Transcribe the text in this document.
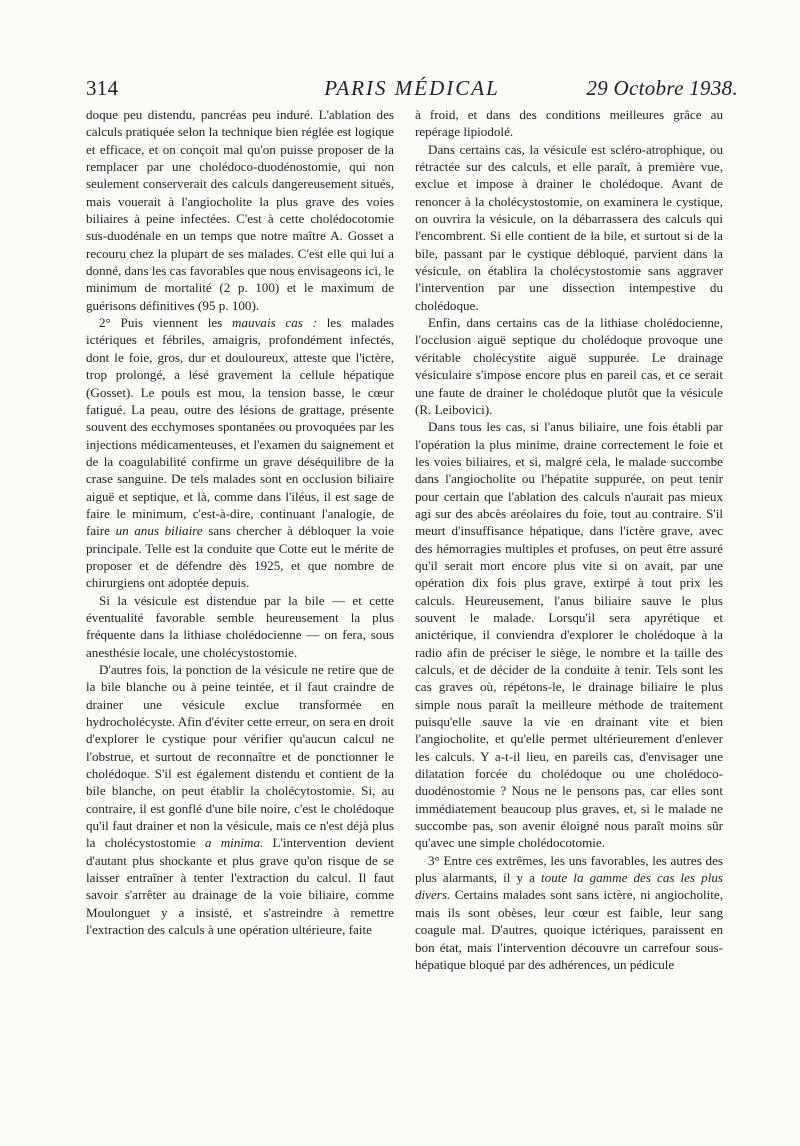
314	PARIS MÉDICAL	29 Octobre 1938.

doque peu distendu, pancréas peu induré. L'ablation des calculs pratiquée selon la technique bien réglée est logique et efficace, et on conçoit mal qu'on puisse proposer de la remplacer par une cholédoco-duodénostomie, qui non seulement conserverait des calculs dangereusement situés, mais vouerait à l'angiocholite la plus grave des voies biliaires à peine infectées. C'est à cette cholédocotomie sus-duodénale en un temps que notre maître A. Gosset a recouru chez la plupart de ses malades. C'est elle qui lui a donné, dans les cas favorables que nous envisageons ici, le minimum de mortalité (2 p. 100) et le maximum de guérisons définitives (95 p. 100).

2° Puis viennent les mauvais cas : les malades ictériques et fébriles, amaigris, profondément infectés, dont le foie, gros, dur et douloureux, atteste que l'ictère, trop prolongé, a lésé gravement la cellule hépatique (Gosset). Le pouls est mou, la tension basse, le cœur fatigué. La peau, outre des lésions de grattage, présente souvent des ecchymoses spontanées ou provoquées par les injections médicamenteuses, et l'examen du saignement et de la coagulabilité confirme un grave déséquilibre de la crase sanguine. De tels malades sont en occlusion biliaire aiguë et septique, et là, comme dans l'iléus, il est sage de faire le minimum, c'est-à-dire, continuant l'analogie, de faire un anus biliaire sans chercher à débloquer la voie principale. Telle est la conduite que Cotte eut le mérite de proposer et de défendre dès 1925, et que nombre de chirurgiens ont adoptée depuis.

Si la vésicule est distendue par la bile — et cette éventualité favorable semble heureusement la plus fréquente dans la lithiase cholédocienne — on fera, sous anesthésie locale, une cholécystostomie.

D'autres fois, la ponction de la vésicule ne retire que de la bile blanche ou à peine teintée, et il faut craindre de drainer une vésicule exclue transformée en hydrocholécyste. Afin d'éviter cette erreur, on sera en droit d'explorer le cystique pour vérifier qu'aucun calcul ne l'obstrue, et surtout de reconnaître et de ponctionner le cholédoque. S'il est également distendu et contient de la bile blanche, on peut établir la cholécytostomie. Si, au contraire, il est gonflé d'une bile noire, c'est le cholédoque qu'il faut drainer et non la vésicule, mais ce n'est déjà plus la cholécystostomie a minima. L'intervention devient d'autant plus shockante et plus grave qu'on risque de se laisser entraîner à tenter l'extraction du calcul. Il faut savoir s'arrêter au drainage de la voie biliaire, comme Moulonguet y a insisté, et s'astreindre à remettre l'extraction des calculs à une opération ultérieure, faite

à froid, et dans des conditions meilleures grâce au repérage lipiodolé.

Dans certains cas, la vésicule est scléro-atrophique, ou rétractée sur des calculs, et elle paraît, à première vue, exclue et impose à drainer le cholédoque. Avant de renoncer à la cholécystostomie, on examinera le cystique, on ouvrira la vésicule, on la débarrassera des calculs qui l'encombrent. Si elle contient de la bile, et surtout si de la bile, passant par le cystique débloqué, parvient dans la vésicule, on établira la cholécystostomie sans aggraver l'intervention par une dissection intempestive du cholédoque.

Enfin, dans certains cas de la lithiase cholédocienne, l'occlusion aiguë septique du cholédoque provoque une véritable cholécystite aiguë suppurée. Le drainage vésiculaire s'impose encore plus en pareil cas, et ce serait une faute de drainer le cholédoque plutôt que la vésicule (R. Leibovici).

Dans tous les cas, si l'anus biliaire, une fois établi par l'opération la plus minime, draine correctement le foie et les voies biliaires, et si, malgré cela, le malade succombe dans l'angiocholite ou l'hépatite suppurée, on peut tenir pour certain que l'ablation des calculs n'aurait pas mieux agi sur des abcès aréolaires du foie, tout au contraire. S'il meurt d'insuffisance hépatique, dans l'ictère grave, avec des hémorragies multiples et profuses, on peut être assuré qu'il serait mort encore plus vite si on avait, par une opération dix fois plus grave, extirpé à tout prix les calculs. Heureusement, l'anus biliaire sauve le plus souvent le malade. Lorsqu'il sera apyrétique et anictérique, il conviendra d'explorer le cholédoque à la radio afin de préciser le siège, le nombre et la taille des calculs, et de décider de la conduite à tenir. Tels sont les cas graves où, répétons-le, le drainage biliaire le plus simple nous paraît la meilleure méthode de traitement puisqu'elle sauve la vie en drainant vite et bien l'angiocholite, et qu'elle permet ultérieurement d'enlever les calculs. Y a-t-il lieu, en pareils cas, d'envisager une dilatation forcée du cholédoque ou une cholédoco-duodénostomie ? Nous ne le pensons pas, car elles sont immédiatement beaucoup plus graves, et, si le malade ne succombe pas, son avenir éloigné nous paraît moins sûr qu'avec une simple cholédocotomie.

3° Entre ces extrêmes, les uns favorables, les autres des plus alarmants, il y a toute la gamme des cas les plus divers. Certains malades sont sans ictère, ni angiocholite, mais ils sont obèses, leur cœur est faible, leur sang coagule mal. D'autres, quoique ictériques, paraissent en bon état, mais l'intervention découvre un carrefour sous-hépatique bloqué par des adhérences, un pédicule
